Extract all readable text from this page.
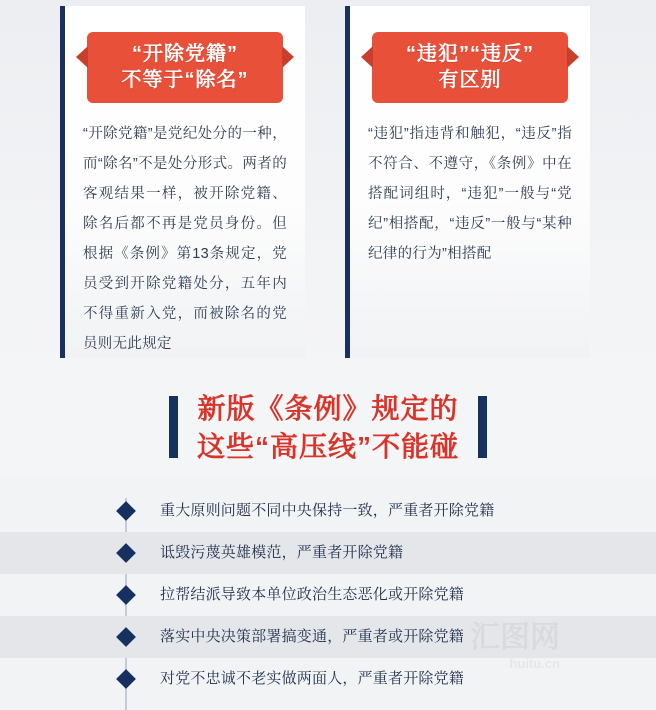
“开除党籍”
不等于“除名”
“开除党籍”是党纪处分的一种，而“除名”不是处分形式。两者的客观结果一样，被开除党籍、除名后都不再是党员身份。但根据《条例》第13条规定，党员受到开除党籍处分，五年内不得重新入党，而被除名的党员则无此规定
“违犯”“违反”
有区别
“违犯”指违背和触犯，“违反”指不符合、不遵守，《条例》中在搭配词组时，“违犯”一般与“党纪”相搭配，“违反”一般与“某种纪律的行为”相搭配
新版《条例》规定的
这些“高压线”不能碰
重大原则问题不同中央保持一致，严重者开除党籍
诋毁污蔑英雄模范，严重者开除党籍
拉帮结派导致本单位政治生态恶化或开除党籍
落实中央决策部署搞变通，严重者或开除党籍
对党不忠诚不老实做两面人，严重者开除党籍
huitu.cn
